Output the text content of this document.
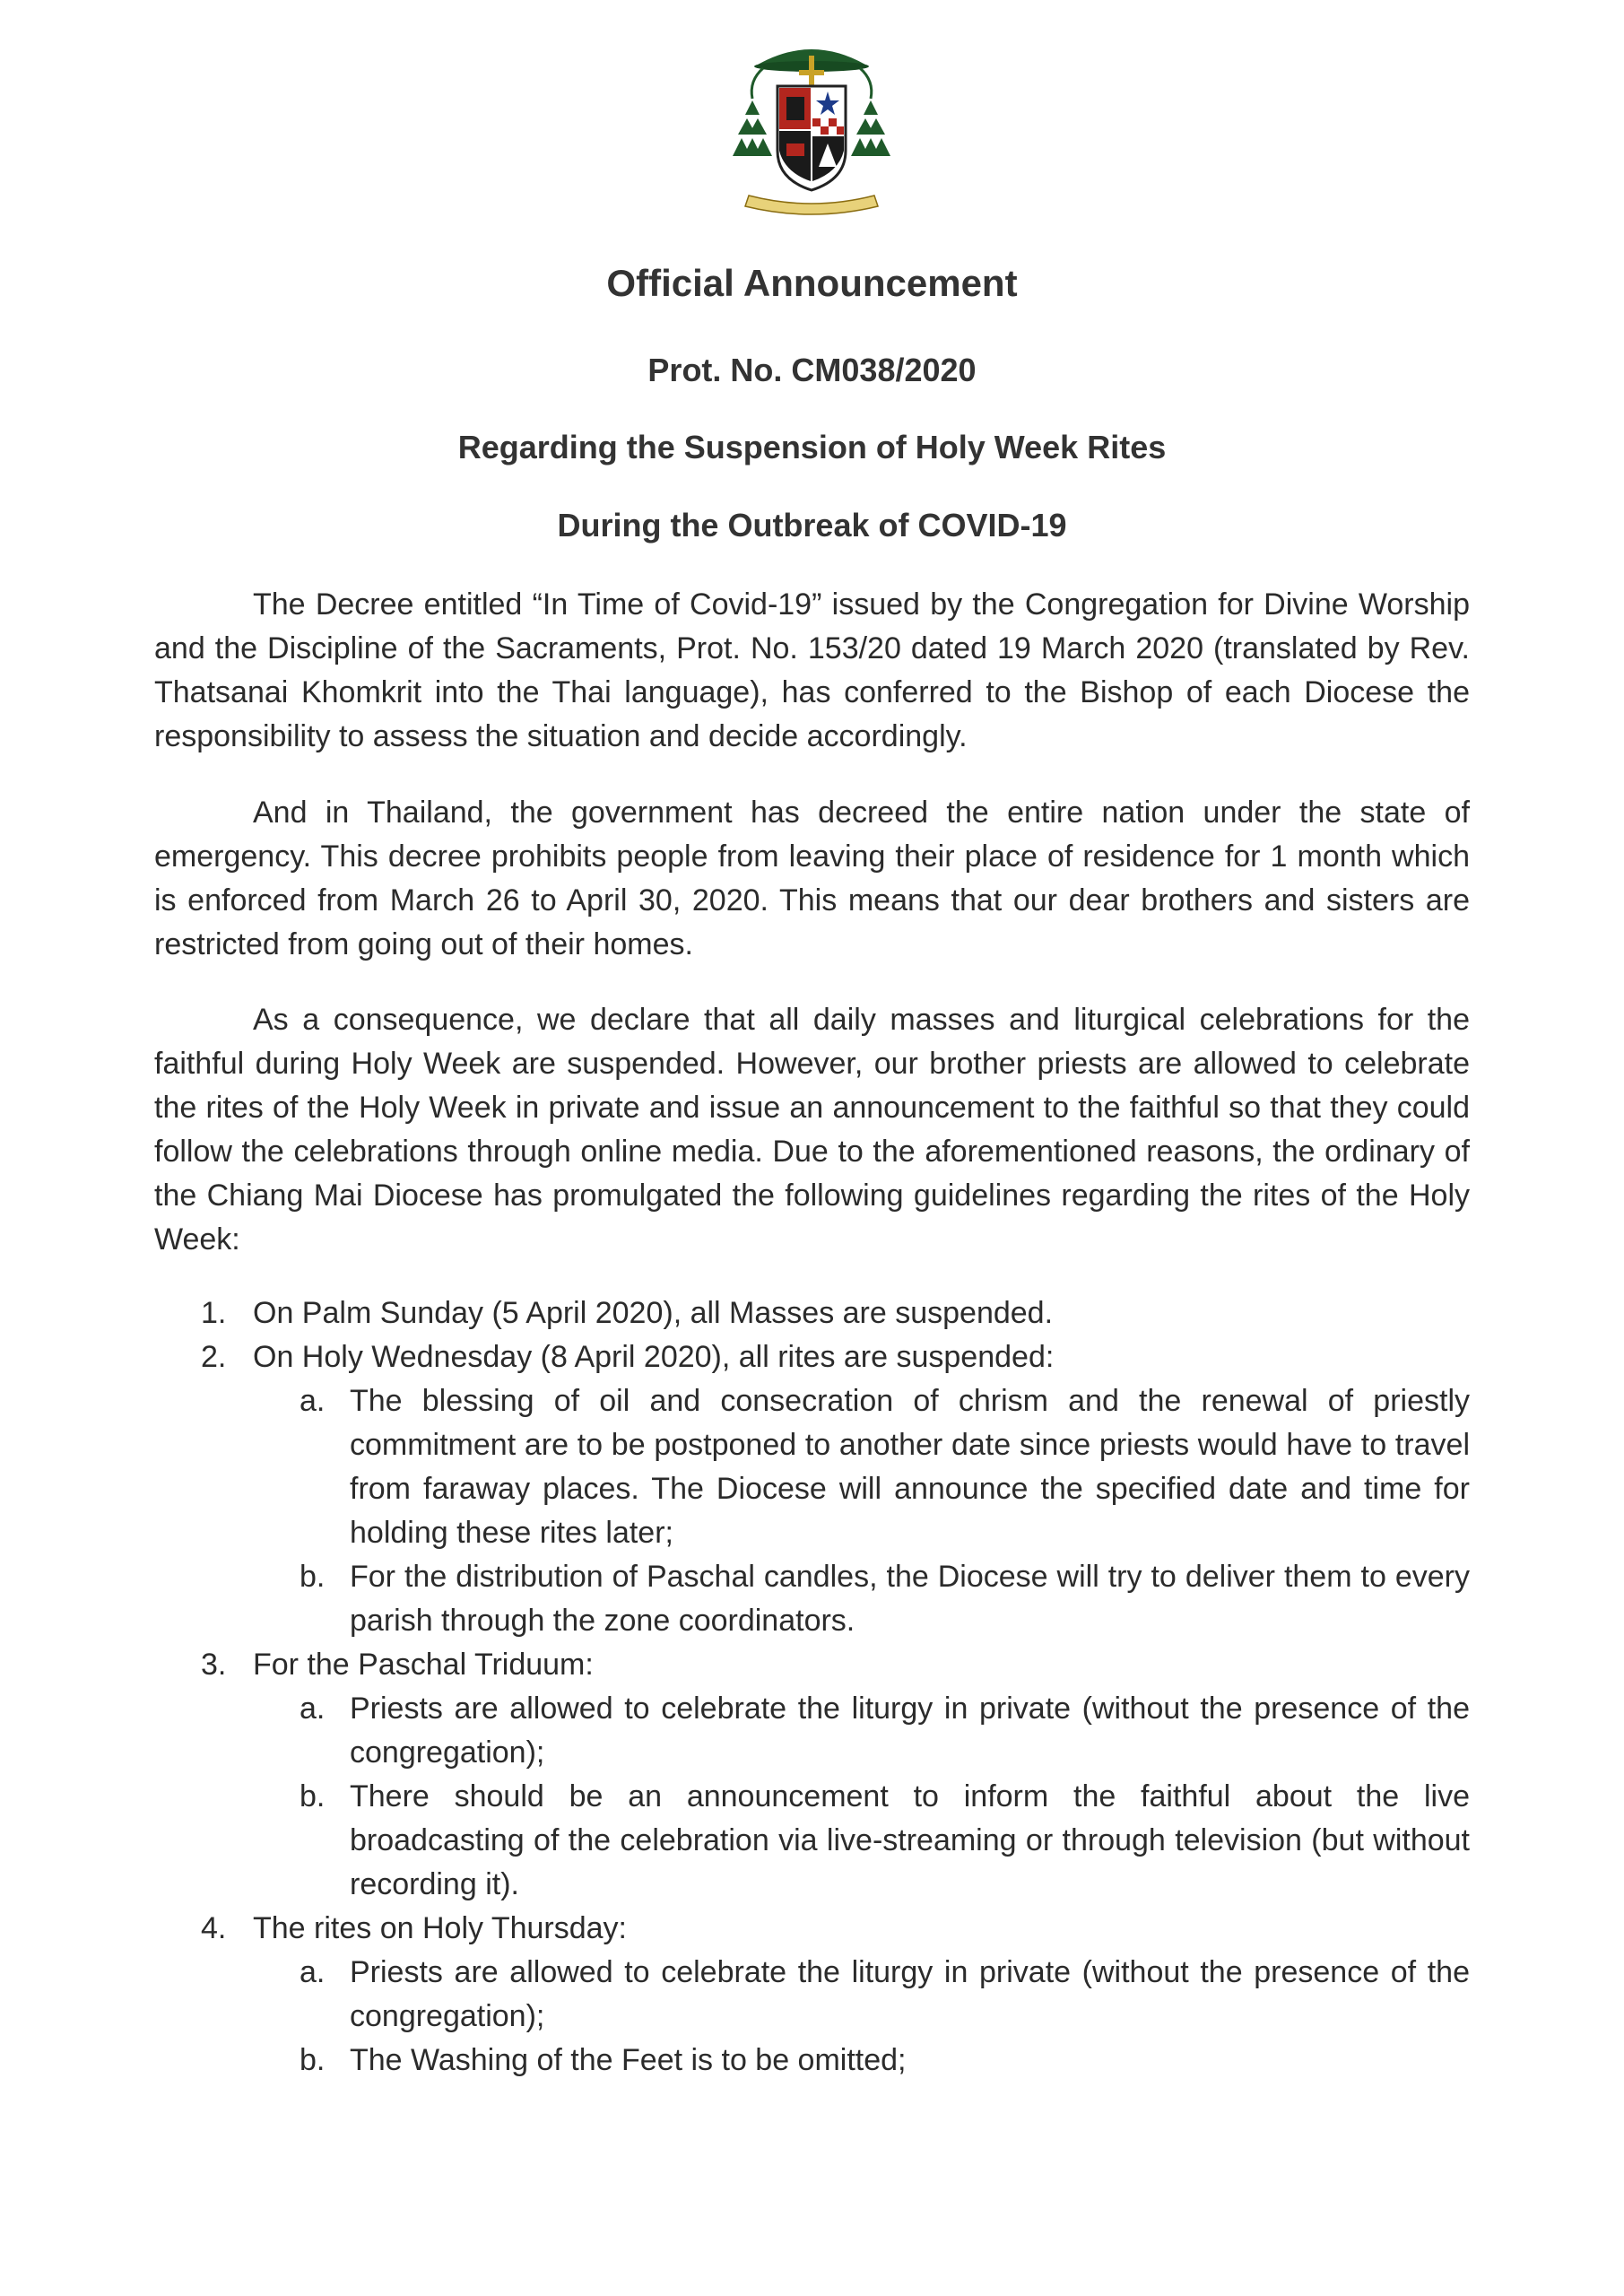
Official Announcement
Prot. No. CM038/2020
Regarding the Suspension of Holy Week Rites
During the Outbreak of COVID-19

The Decree entitled “In Time of Covid-19” issued by the Congregation for Divine Worship and the Discipline of the Sacraments, Prot. No. 153/20 dated 19 March 2020 (translated by Rev. Thatsanai Khomkrit into the Thai language), has conferred to the Bishop of each Diocese the responsibility to assess the situation and decide accordingly.

And in Thailand, the government has decreed the entire nation under the state of emergency. This decree prohibits people from leaving their place of residence for 1 month which is enforced from March 26 to April 30, 2020. This means that our dear brothers and sisters are restricted from going out of their homes.

As a consequence, we declare that all daily masses and liturgical celebrations for the faithful during Holy Week are suspended. However, our brother priests are allowed to celebrate the rites of the Holy Week in private and issue an announcement to the faithful so that they could follow the celebrations through online media. Due to the aforementioned reasons, the ordinary of the Chiang Mai Diocese has promulgated the following guidelines regarding the rites of the Holy Week:

1. On Palm Sunday (5 April 2020), all Masses are suspended.
2. On Holy Wednesday (8 April 2020), all rites are suspended:
a. The blessing of oil and consecration of chrism and the renewal of priestly commitment are to be postponed to another date since priests would have to travel from faraway places. The Diocese will announce the specified date and time for holding these rites later;
b. For the distribution of Paschal candles, the Diocese will try to deliver them to every parish through the zone coordinators.
3. For the Paschal Triduum:
a. Priests are allowed to celebrate the liturgy in private (without the presence of the congregation);
b. There should be an announcement to inform the faithful about the live broadcasting of the celebration via live-streaming or through television (but without recording it).
4. The rites on Holy Thursday:
a. Priests are allowed to celebrate the liturgy in private (without the presence of the congregation);
b. The Washing of the Feet is to be omitted;
